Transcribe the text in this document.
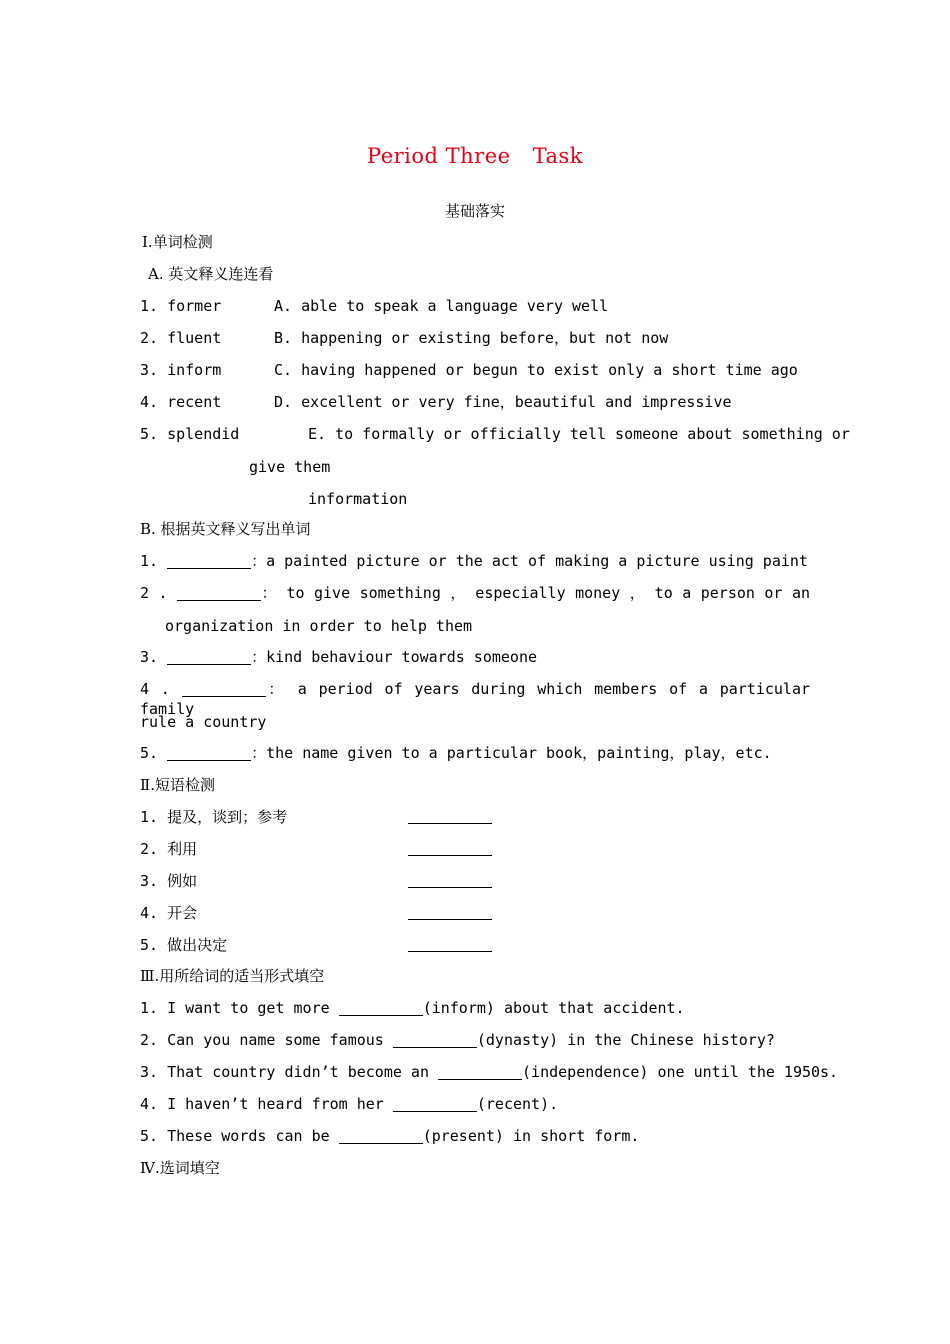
Period Three Task
基础落实
Ⅰ.单词检测
A. 英文释义连连看
1. former	A. able to speak a language very well
2. fluent	B. happening or existing before，but not now
3. inform	C. having happened or begun to exist only a short time ago
4. recent	D. excellent or very fine，beautiful and impressive
5. splendid	E. to formally or officially tell someone about something or
give them
information
B. 根据英文释义写出单词
1.	：a painted picture or the act of making a picture using paint
2 .	： to give something ， especially money ， to a person or an
organization in order to help them
3.	：kind behaviour towards someone
4 .	： a period of years during which members of a particular family
rule a country
5.	：the name given to a particular book，painting，play，etc.
Ⅱ.短语检测
1. 提及，谈到；参考
2. 利用
3. 例如
4. 开会
5. 做出决定
Ⅲ.用所给词的适当形式填空
1. I want to get more	(inform) about that accident.
2. Can you name some famous	(dynasty) in the Chinese history?
3. That country didn’t become an	(independence) one until the 1950s.
4. I haven’t heard from her	(recent).
5. These words can be	(present) in short form.
Ⅳ.选词填空
